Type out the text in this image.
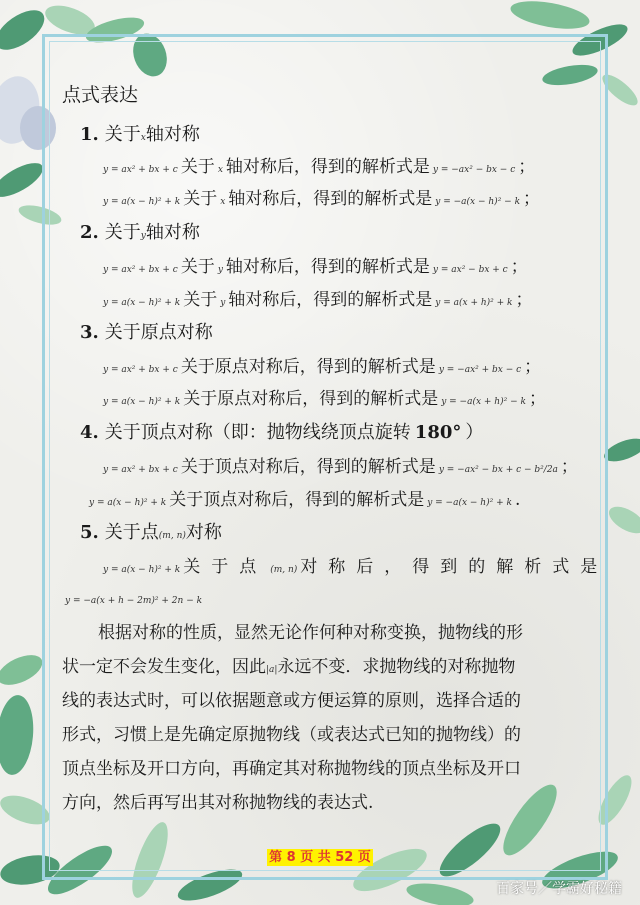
点式表达
1. 关于x轴对称
y = ax² + bx + c 关于 x 轴对称后，得到的解析式是 y = −ax² − bx − c ；
y = a(x − h)² + k 关于 x 轴对称后，得到的解析式是 y = −a(x − h)² − k ；
2. 关于y轴对称
y = ax² + bx + c 关于 y 轴对称后，得到的解析式是 y = ax² − bx + c ；
y = a(x − h)² + k 关于 y 轴对称后，得到的解析式是 y = a(x + h)² + k ；
3. 关于原点对称
y = ax² + bx + c 关于原点对称后，得到的解析式是 y = −ax² + bx − c ；
y = a(x − h)² + k 关于原点对称后，得到的解析式是 y = −a(x + h)² − k ；
4. 关于顶点对称（即：抛物线绕顶点旋转 180° ）
y = ax² + bx + c 关于顶点对称后，得到的解析式是 y = −ax² − bx + c − b²/2a ；
y = a(x − h)² + k 关于顶点对称后，得到的解析式是 y = −a(x − h)² + k .
5. 关于点(m, n)对称
y = a(x − h)² + k 关于点 (m, n) 对称后，得到的解析式是
y = −a(x + h − 2m)² + 2n − k
根据对称的性质，显然无论作何种对称变换，抛物线的形
状一定不会发生变化，因此|a|永远不变．求抛物线的对称抛物
线的表达式时，可以依据题意或方便运算的原则，选择合适的
形式，习惯上是先确定原抛物线（或表达式已知的抛物线）的
顶点坐标及开口方向，再确定其对称抛物线的顶点坐标及开口
方向，然后再写出其对称抛物线的表达式.
第 8 页 共 52 页
百家号／学霸好秘籍
